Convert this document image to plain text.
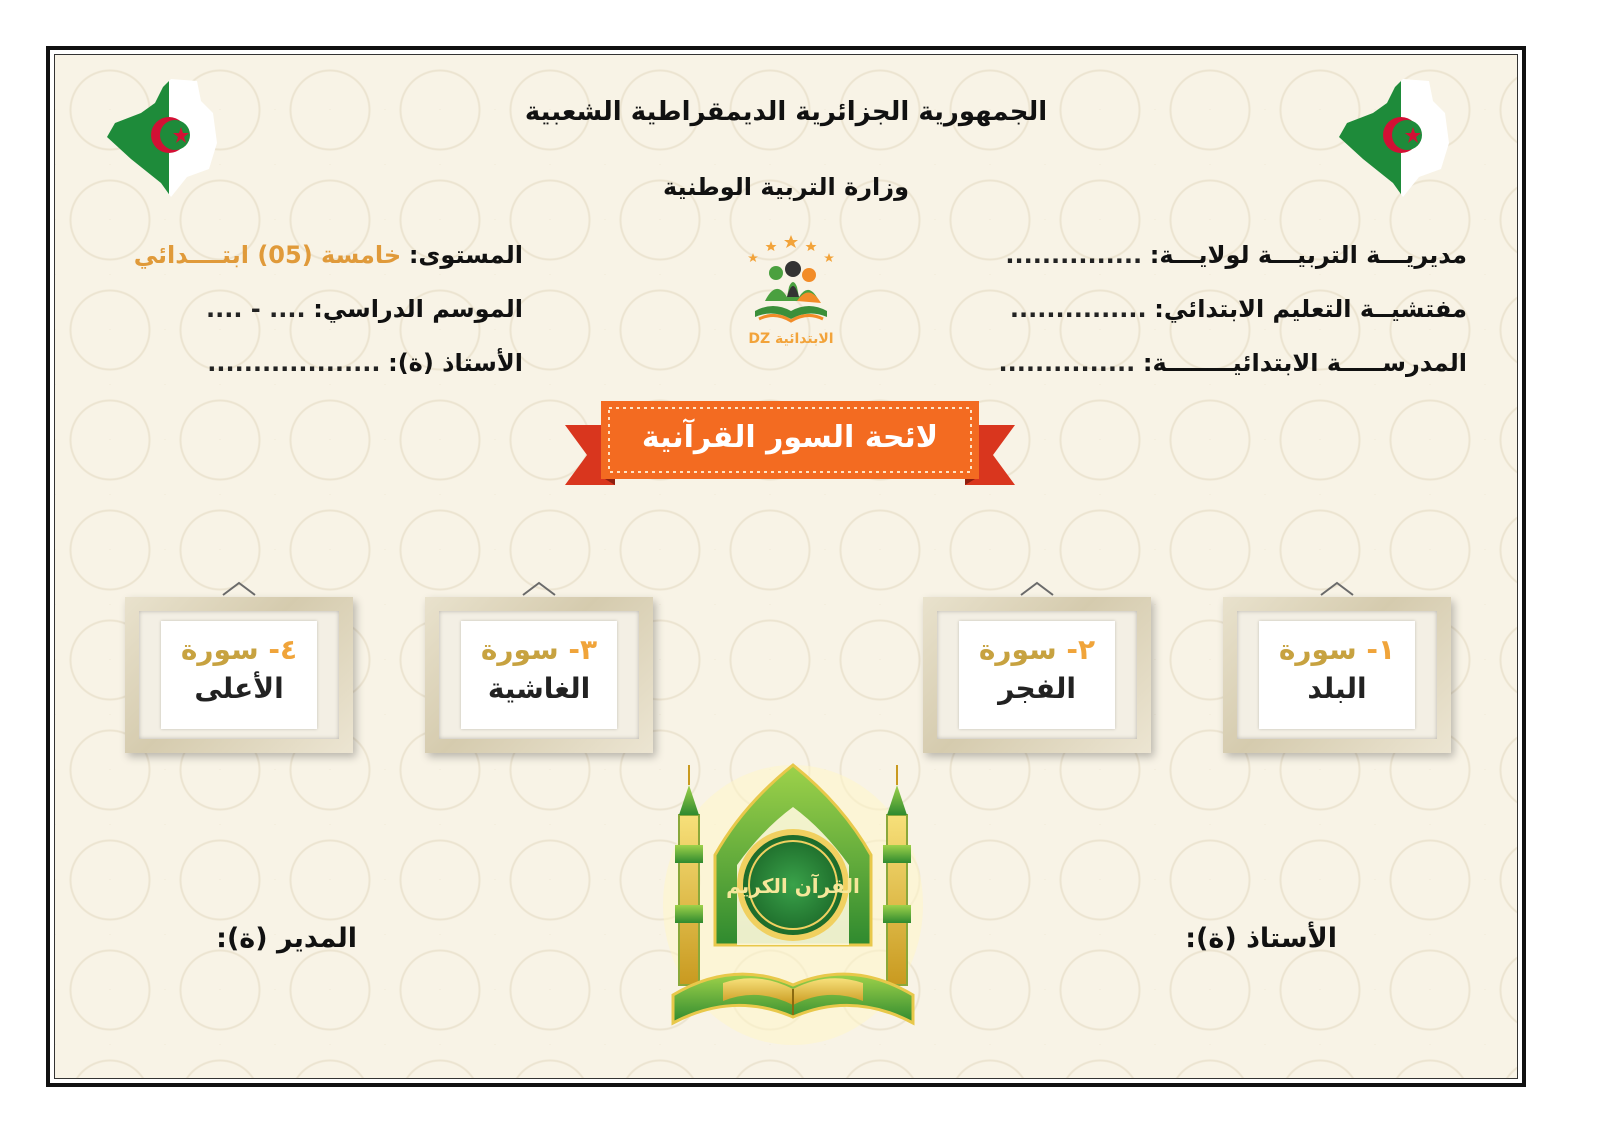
الجمهورية الجزائرية الديمقراطية الشعبية
وزارة التربية الوطنية
مديريـــة التربيـــة لولايـــة: ...............
مفتشيــة التعليم الابتدائي: ...............
المدرســـــة الابتدائيــــــــة: ...............
المستوى: خامسة (05) ابتــــدائي
الموسم الدراسي: .... - ....
الأستاذ (ة): ...................
DZ الابتدائية
لائحة السور القرآنية
١- سورة
البلد
٢- سورة
الفجر
٣- سورة
الغاشية
٤- سورة
الأعلى
القرآن الكريم
الأستاذ (ة):
المدير (ة):
